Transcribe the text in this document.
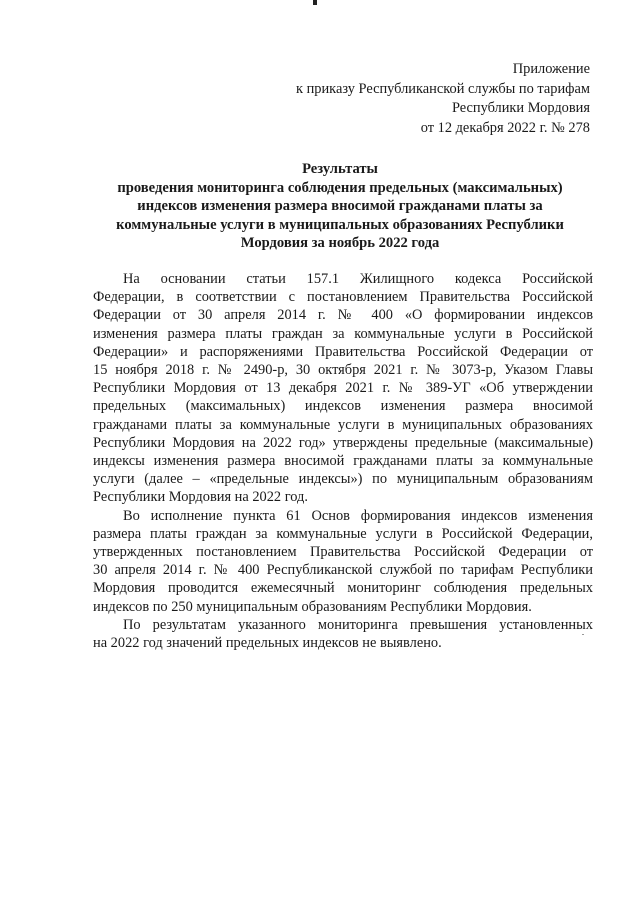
Приложение
к приказу Республиканской службы по тарифам
Республики Мордовия
от 12 декабря 2022 г. № 278
Результаты
проведения мониторинга соблюдения предельных (максимальных)
индексов изменения размера вносимой гражданами платы за
коммунальные услуги в муниципальных образованиях Республики
Мордовия за ноябрь 2022 года
На основании статьи 157.1 Жилищного кодекса Российской
Федерации, в соответствии с постановлением Правительства Российской
Федерации от 30 апреля 2014 г. № 400 «О формировании индексов
изменения размера платы граждан за коммунальные услуги в Российской
Федерации» и распоряжениями Правительства Российской Федерации от
15 ноября 2018 г. № 2490-р, 30 октября 2021 г. № 3073-р, Указом Главы
Республики Мордовия от 13 декабря 2021 г. № 389-УГ «Об утверждении
предельных (максимальных) индексов изменения размера вносимой
гражданами платы за коммунальные услуги в муниципальных образованиях
Республики Мордовия на 2022 год» утверждены предельные (максимальные)
индексы изменения размера вносимой гражданами платы за коммунальные
услуги (далее – «предельные индексы») по муниципальным образованиям
Республики Мордовия на 2022 год.
Во исполнение пункта 61 Основ формирования индексов изменения
размера платы граждан за коммунальные услуги в Российской Федерации,
утвержденных постановлением Правительства Российской Федерации от
30 апреля 2014 г. № 400 Республиканской службой по тарифам Республики
Мордовия проводится ежемесячный мониторинг соблюдения предельных
индексов по 250 муниципальным образованиям Республики Мордовия.
По результатам указанного мониторинга превышения установленных
на 2022 год значений предельных индексов не выявлено.
